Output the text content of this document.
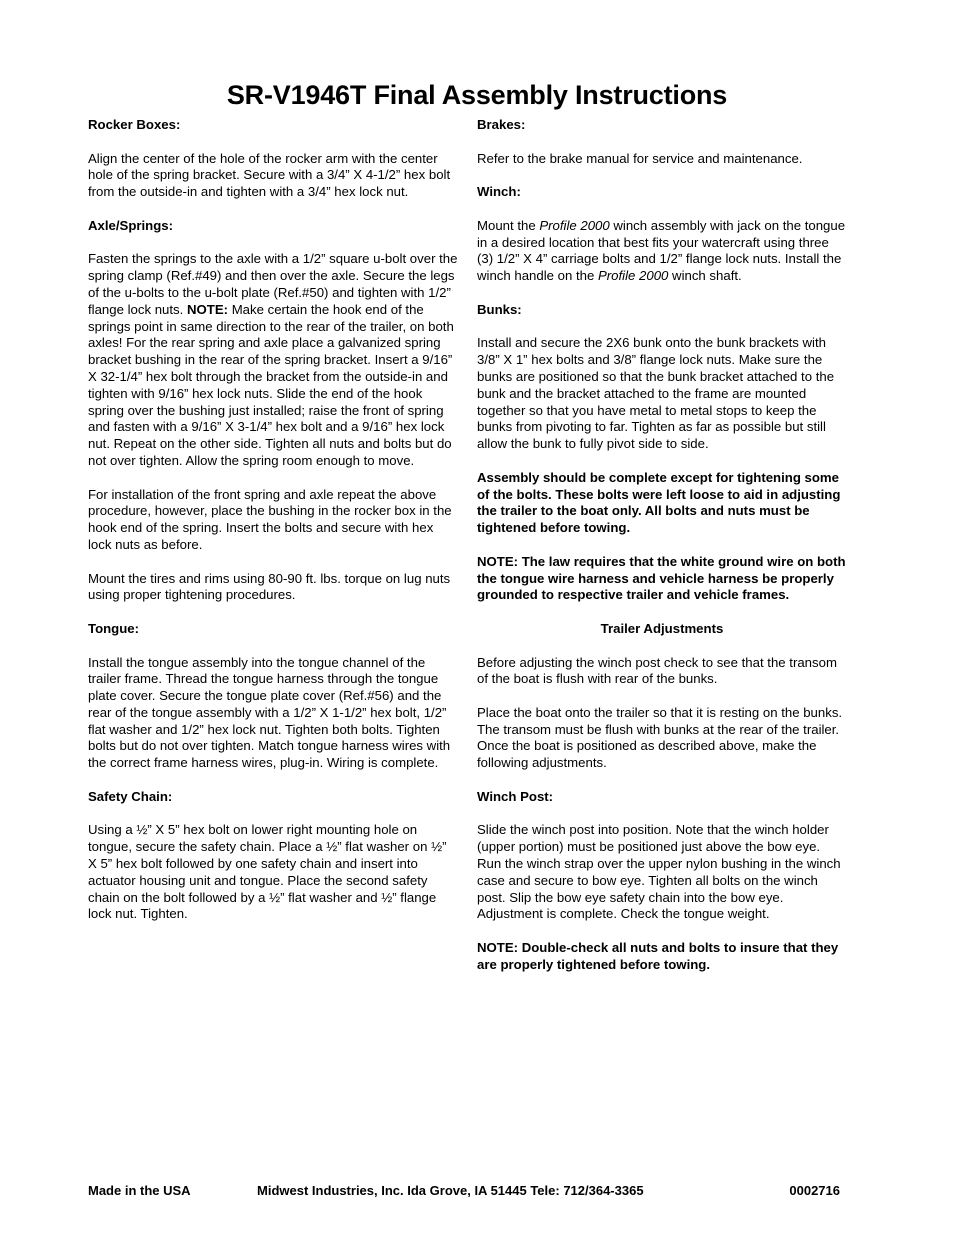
SR-V1946T Final Assembly Instructions
Rocker Boxes:
Align the center of the hole of the rocker arm with the center hole of the spring bracket. Secure with a 3/4” X 4-1/2” hex bolt from the outside-in and tighten with a 3/4” hex lock nut.
Axle/Springs:
Fasten the springs to the axle with a 1/2” square u-bolt over the spring clamp (Ref.#49) and then over the axle. Secure the legs of the u-bolts to the u-bolt plate (Ref.#50) and tighten with 1/2” flange lock nuts. NOTE: Make certain the hook end of the springs point in same direction to the rear of the trailer, on both axles! For the rear spring and axle place a galvanized spring bracket bushing in the rear of the spring bracket. Insert a 9/16” X 32-1/4” hex bolt through the bracket from the outside-in and tighten with 9/16” hex lock nuts. Slide the end of the hook spring over the bushing just installed; raise the front of spring and fasten with a 9/16” X 3-1/4” hex bolt and a 9/16” hex lock nut. Repeat on the other side. Tighten all nuts and bolts but do not over tighten. Allow the spring room enough to move.
For installation of the front spring and axle repeat the above procedure, however, place the bushing in the rocker box in the hook end of the spring. Insert the bolts and secure with hex lock nuts as before.
Mount the tires and rims using 80-90 ft. lbs. torque on lug nuts using proper tightening procedures.
Tongue:
Install the tongue assembly into the tongue channel of the trailer frame. Thread the tongue harness through the tongue plate cover. Secure the tongue plate cover (Ref.#56) and the rear of the tongue assembly with a 1/2” X 1-1/2” hex bolt, 1/2” flat washer and 1/2” hex lock nut. Tighten both bolts. Tighten bolts but do not over tighten. Match tongue harness wires with the correct frame harness wires, plug-in. Wiring is complete.
Safety Chain:
Using a ½” X 5” hex bolt on lower right mounting hole on tongue, secure the safety chain. Place a ½” flat washer on ½” X 5” hex bolt followed by one safety chain and insert into actuator housing unit and tongue. Place the second safety chain on the bolt followed by a ½” flat washer and ½” flange lock nut. Tighten.
Brakes:
Refer to the brake manual for service and maintenance.
Winch:
Mount the Profile 2000 winch assembly with jack on the tongue in a desired location that best fits your watercraft using three (3) 1/2” X 4” carriage bolts and 1/2” flange lock nuts. Install the winch handle on the Profile 2000 winch shaft.
Bunks:
Install and secure the 2X6 bunk onto the bunk brackets with 3/8” X 1” hex bolts and 3/8” flange lock nuts. Make sure the bunks are positioned so that the bunk bracket attached to the bunk and the bracket attached to the frame are mounted together so that you have metal to metal stops to keep the bunks from pivoting to far. Tighten as far as possible but still allow the bunk to fully pivot side to side.
Assembly should be complete except for tightening some of the bolts. These bolts were left loose to aid in adjusting the trailer to the boat only. All bolts and nuts must be tightened before towing.
NOTE: The law requires that the white ground wire on both the tongue wire harness and vehicle harness be properly grounded to respective trailer and vehicle frames.
Trailer Adjustments
Before adjusting the winch post check to see that the transom of the boat is flush with rear of the bunks.
Place the boat onto the trailer so that it is resting on the bunks. The transom must be flush with bunks at the rear of the trailer. Once the boat is positioned as described above, make the following adjustments.
Winch Post:
Slide the winch post into position. Note that the winch holder (upper portion) must be positioned just above the bow eye. Run the winch strap over the upper nylon bushing in the winch case and secure to bow eye. Tighten all bolts on the winch post. Slip the bow eye safety chain into the bow eye. Adjustment is complete. Check the tongue weight.
NOTE: Double-check all nuts and bolts to insure that they are properly tightened before towing.
Made in the USA	Midwest Industries, Inc. Ida Grove, IA 51445 Tele: 712/364-3365	0002716
